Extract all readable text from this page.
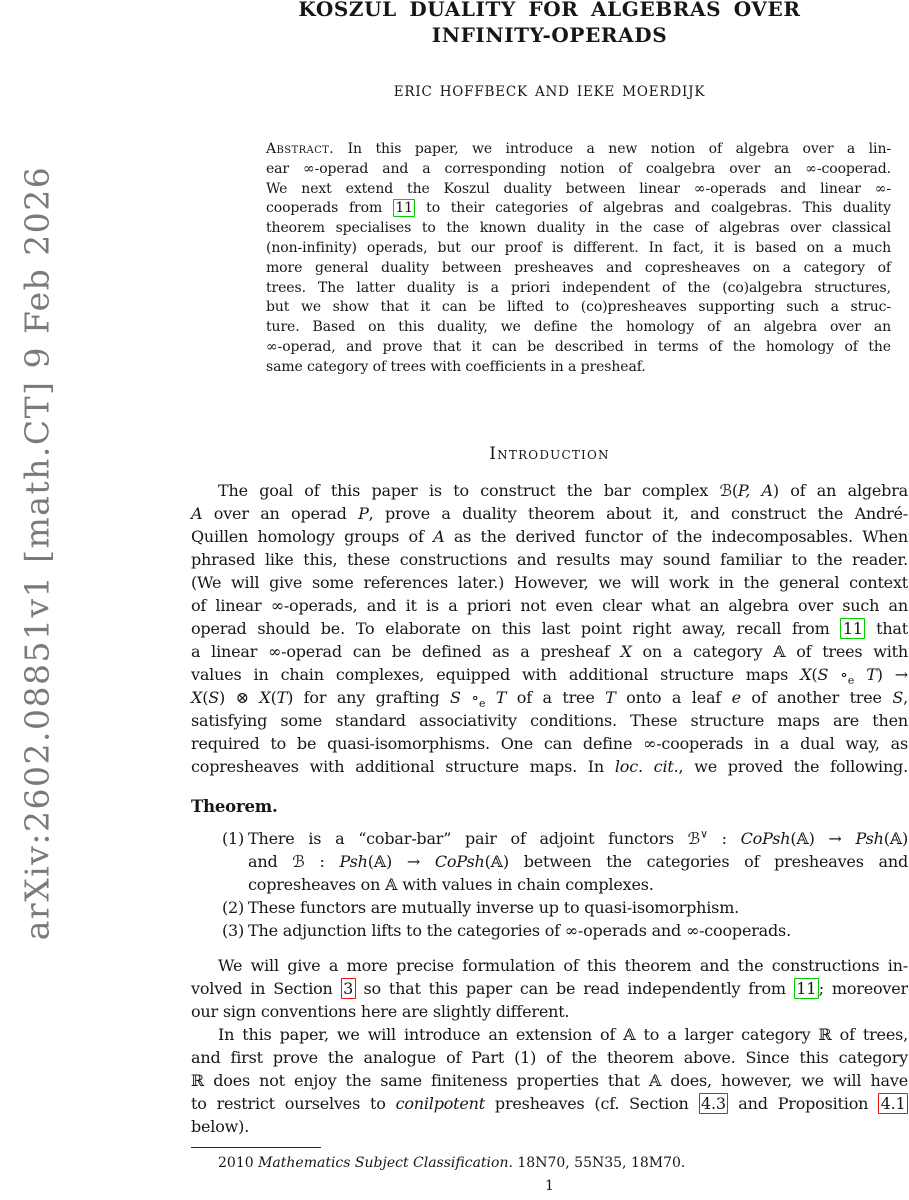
arXiv:2602.08851v1 [math.CT] 9 Feb 2026
KOSZUL DUALITY FOR ALGEBRAS OVER
INFINITY-OPERADS
ERIC HOFFBECK AND IEKE MOERDIJK
Abstract. In this paper, we introduce a new notion of algebra over a lin-
ear ∞-operad and a corresponding notion of coalgebra over an ∞-cooperad.
We next extend the Koszul duality between linear ∞-operads and linear ∞-
cooperads from 11 to their categories of algebras and coalgebras. This duality
theorem specialises to the known duality in the case of algebras over classical
(non-infinity) operads, but our proof is different. In fact, it is based on a much
more general duality between presheaves and copresheaves on a category of
trees. The latter duality is a priori independent of the (co)algebra structures,
but we show that it can be lifted to (co)presheaves supporting such a struc-
ture. Based on this duality, we define the homology of an algebra over an
∞-operad, and prove that it can be described in terms of the homology of the
same category of trees with coefficients in a presheaf.
Introduction
The goal of this paper is to construct the bar complex ℬ(P, A) of an algebra
A over an operad P, prove a duality theorem about it, and construct the André-
Quillen homology groups of A as the derived functor of the indecomposables. When
phrased like this, these constructions and results may sound familiar to the reader.
(We will give some references later.) However, we will work in the general context
of linear ∞-operads, and it is a priori not even clear what an algebra over such an
operad should be. To elaborate on this last point right away, recall from 11 that
a linear ∞-operad can be defined as a presheaf X on a category 𝔸 of trees with
values in chain complexes, equipped with additional structure maps X(S $\circ_e$ T) →
X(S) ⊗ X(T) for any grafting S $\circ_e$ T of a tree T onto a leaf e of another tree S,
satisfying some standard associativity conditions. These structure maps are then
required to be quasi-isomorphisms. One can define ∞-cooperads in a dual way, as
copresheaves with additional structure maps. In loc. cit., we proved the following.
Theorem.
(1) There is a “cobar-bar” pair of adjoint functors ℬ∨ : CoPsh(𝔸) → Psh(𝔸)
and ℬ : Psh(𝔸) → CoPsh(𝔸) between the categories of presheaves and
copresheaves on 𝔸 with values in chain complexes.
(2) These functors are mutually inverse up to quasi-isomorphism.
(3) The adjunction lifts to the categories of ∞-operads and ∞-cooperads.
We will give a more precise formulation of this theorem and the constructions in-
volved in Section 3 so that this paper can be read independently from 11 ; moreover
our sign conventions here are slightly different.
In this paper, we will introduce an extension of 𝔸 to a larger category ℝ of trees,
and first prove the analogue of Part (1) of the theorem above. Since this category
ℝ does not enjoy the same finiteness properties that 𝔸 does, however, we will have
to restrict ourselves to conilpotent presheaves (cf. Section 4.3 and Proposition 4.1
below).
2010 Mathematics Subject Classification. 18N70, 55N35, 18M70.
1
